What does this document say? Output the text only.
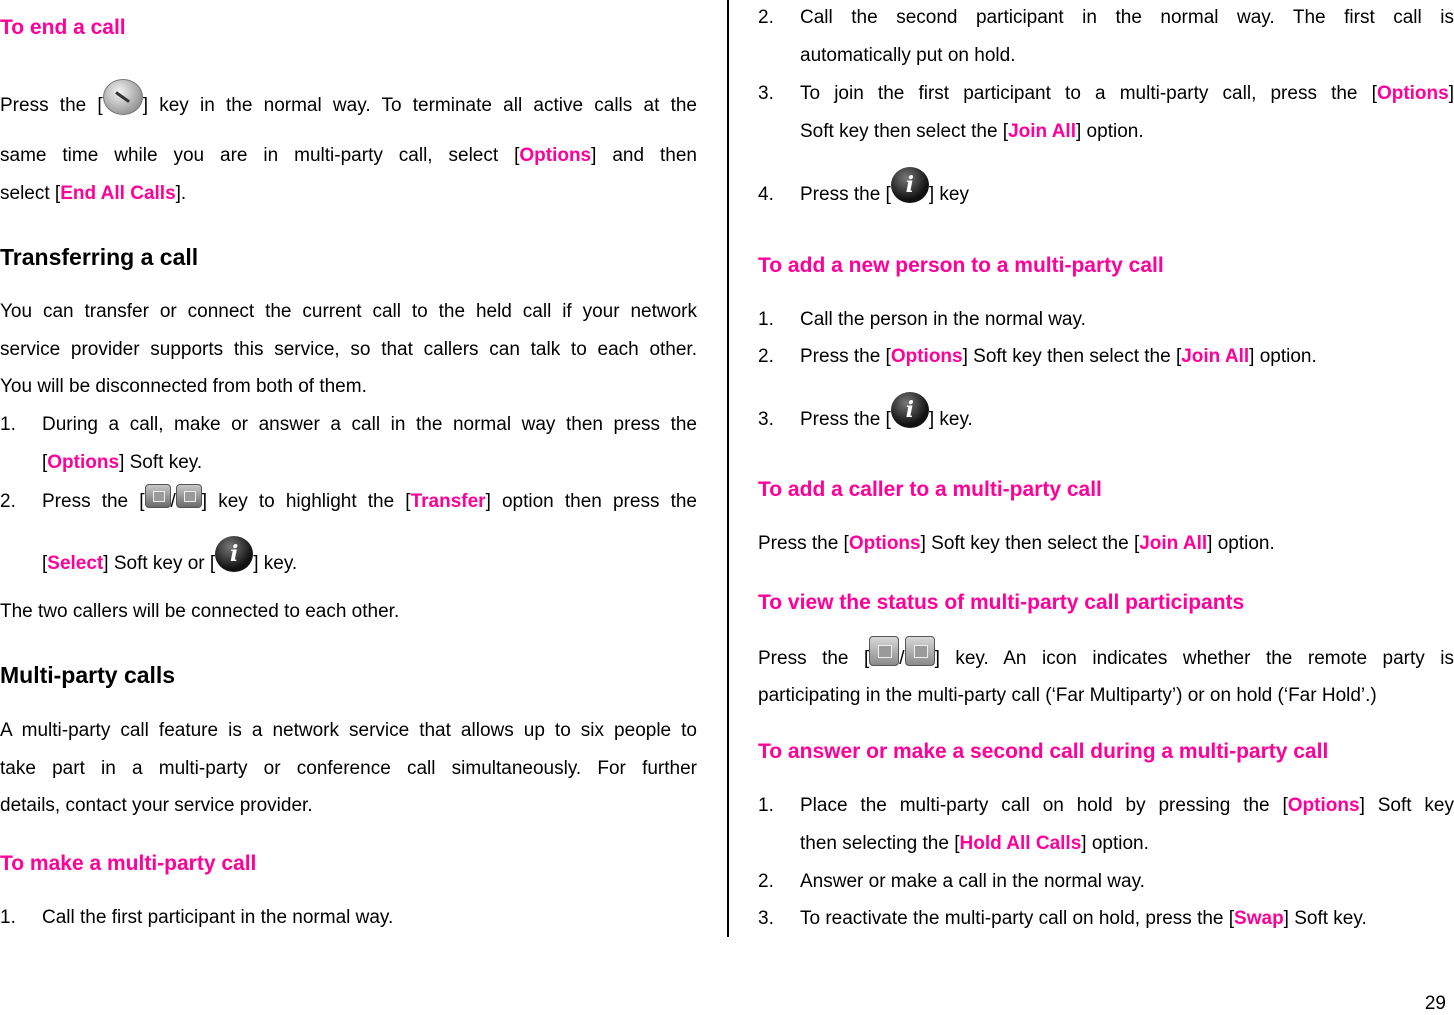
To end a call
Press the [ ] key in the normal way. To terminate all active calls at the
same time while you are in multi-party call, select [Options] and then
select [End All Calls].
Transferring a call
You can transfer or connect the current call to the held call if your network
service provider supports this service, so that callers can talk to each other.
You will be disconnected from both of them.
1. During a call, make or answer a call in the normal way then press the
[Options] Soft key.
2. Press the [ / ] key to highlight the [Transfer] option then press the
[Select] Soft key or [ i ] key.
The two callers will be connected to each other.
Multi-party calls
A multi-party call feature is a network service that allows up to six people to
take part in a multi-party or conference call simultaneously. For further
details, contact your service provider.
To make a multi-party call
1. Call the first participant in the normal way.
2. Call the second participant in the normal way. The first call is
automatically put on hold.
3. To join the first participant to a multi-party call, press the [Options]
Soft key then select the [Join All] option.
4. Press the [ i ] key
To add a new person to a multi-party call
1. Call the person in the normal way.
2. Press the [Options] Soft key then select the [Join All] option.
3. Press the [ i ] key.
To add a caller to a multi-party call
Press the [Options] Soft key then select the [Join All] option.
To view the status of multi-party call participants
Press the [ / ] key. An icon indicates whether the remote party is
participating in the multi-party call (‘Far Multiparty’) or on hold (‘Far Hold’.)
To answer or make a second call during a multi-party call
1. Place the multi-party call on hold by pressing the [Options] Soft key
then selecting the [Hold All Calls] option.
2. Answer or make a call in the normal way.
3. To reactivate the multi-party call on hold, press the [Swap] Soft key.
29
